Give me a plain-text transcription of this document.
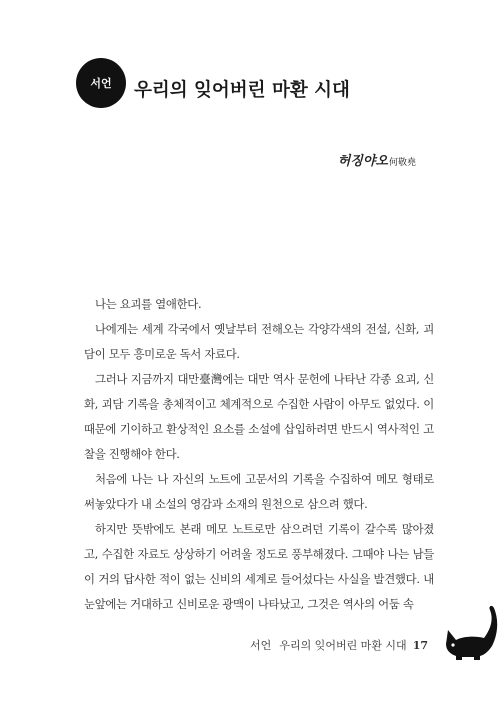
서언	우리의 잊어버린 마환 시대
허징야오何敬堯

나는 요괴를 열애한다.

나에게는 세계 각국에서 옛날부터 전해오는 각양각색의 전설, 신화, 괴담이 모두 흥미로운 독서 자료다.

그러나 지금까지 대만臺灣에는 대만 역사 문헌에 나타난 각종 요괴, 신화, 괴담 기록을 총체적이고 체계적으로 수집한 사람이 아무도 없었다. 이 때문에 기이하고 환상적인 요소를 소설에 삽입하려면 반드시 역사적인 고찰을 진행해야 한다.

처음에 나는 나 자신의 노트에 고문서의 기록을 수집하여 메모 형태로 써놓았다가 내 소설의 영감과 소재의 원천으로 삼으려 했다.

하지만 뜻밖에도 본래 메모 노트로만 삼으려던 기록이 갈수록 많아졌고, 수집한 자료도 상상하기 어려울 정도로 풍부해졌다. 그때야 나는 남들이 거의 답사한 적이 없는 신비의 세계로 들어섰다는 사실을 발견했다. 내 눈앞에는 거대하고 신비로운 광맥이 나타났고, 그것은 역사의 어둠 속

서언 우리의 잊어버린 마환 시대 17
